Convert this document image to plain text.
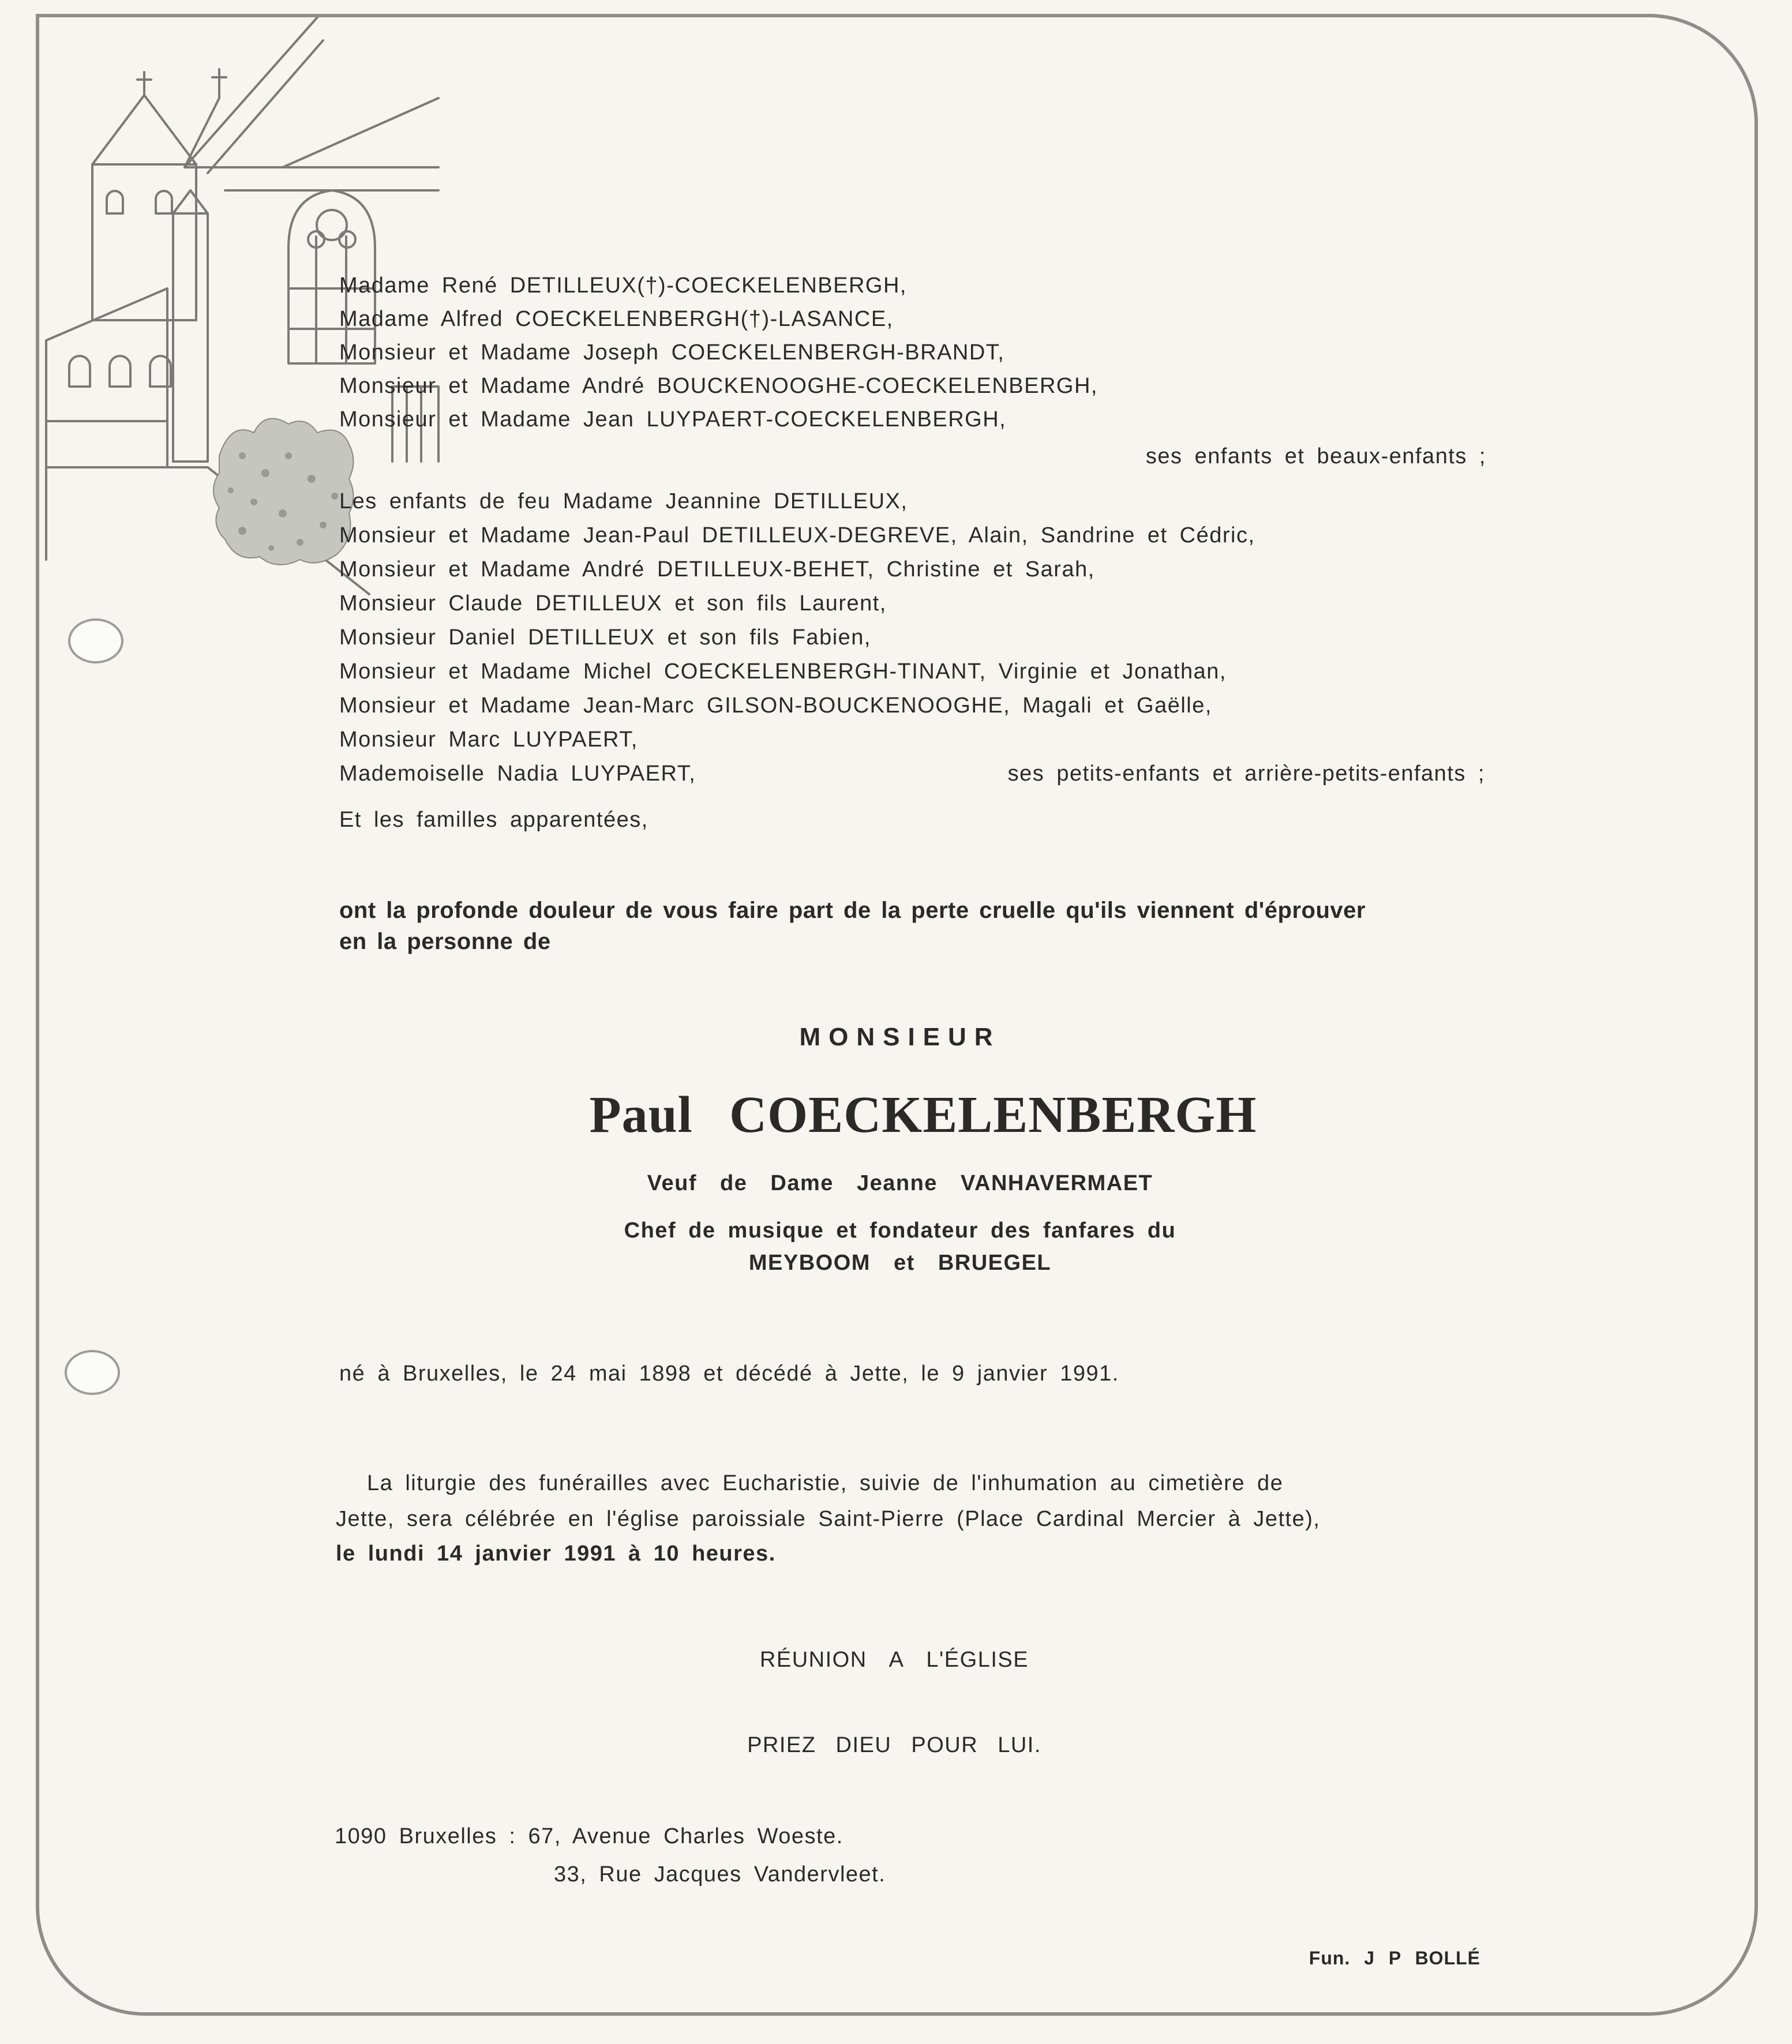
Madame René DETILLEUX(†)-COECKELENBERGH,
Madame Alfred COECKELENBERGH(†)-LASANCE,
Monsieur et Madame Joseph COECKELENBERGH-BRANDT,
Monsieur et Madame André BOUCKENOOGHE-COECKELENBERGH,
Monsieur et Madame Jean LUYPAERT-COECKELENBERGH,
ses enfants et beaux-enfants ;
Les enfants de feu Madame Jeannine DETILLEUX,
Monsieur et Madame Jean-Paul DETILLEUX-DEGREVE, Alain, Sandrine et Cédric,
Monsieur et Madame André DETILLEUX-BEHET, Christine et Sarah,
Monsieur Claude DETILLEUX et son fils Laurent,
Monsieur Daniel DETILLEUX et son fils Fabien,
Monsieur et Madame Michel COECKELENBERGH-TINANT, Virginie et Jonathan,
Monsieur et Madame Jean-Marc GILSON-BOUCKENOOGHE, Magali et Gaëlle,
Monsieur Marc LUYPAERT,
Mademoiselle Nadia LUYPAERT,	ses petits-enfants et arrière-petits-enfants ;
Et les familles apparentées,
ont la profonde douleur de vous faire part de la perte cruelle qu'ils viennent d'éprouver
en la personne de
MONSIEUR
Paul COECKELENBERGH
Veuf de Dame Jeanne VANHAVERMAET
Chef de musique et fondateur des fanfares du
MEYBOOM et BRUEGEL
né à Bruxelles, le 24 mai 1898 et décédé à Jette, le 9 janvier 1991.
La liturgie des funérailles avec Eucharistie, suivie de l'inhumation au cimetière de
Jette, sera célébrée en l'église paroissiale Saint-Pierre (Place Cardinal Mercier à Jette),
le lundi 14 janvier 1991 à 10 heures.
RÉUNION A L'ÉGLISE
PRIEZ DIEU POUR LUI.
1090 Bruxelles : 67, Avenue Charles Woeste.
33, Rue Jacques Vandervleet.
Fun. J P BOLLÉ
